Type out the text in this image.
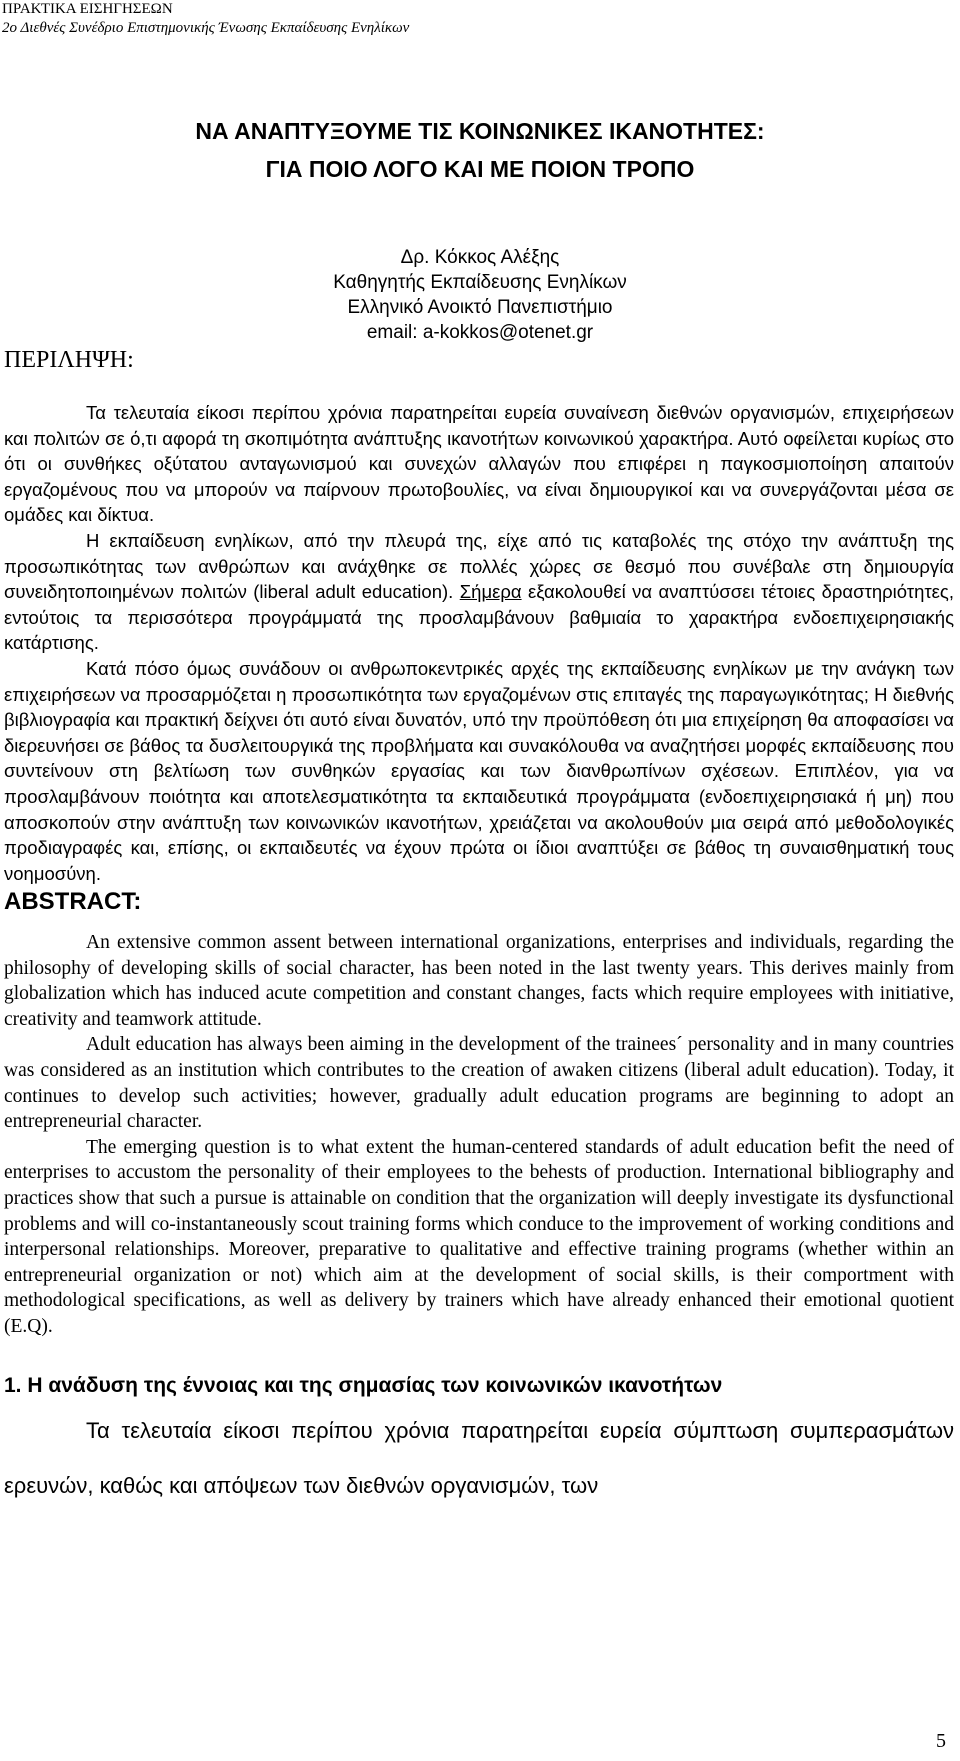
ΠΡΑΚΤΙΚΑ ΕΙΣΗΓΗΣΕΩΝ
2ο Διεθνές Συνέδριο Επιστημονικής Ένωσης Εκπαίδευσης Ενηλίκων
ΝΑ ΑΝΑΠΤΥΞΟΥΜΕ ΤΙΣ ΚΟΙΝΩΝΙΚΕΣ ΙΚΑΝΟΤΗΤΕΣ:
ΓΙΑ ΠΟΙΟ ΛΟΓΟ ΚΑΙ ΜΕ ΠΟΙΟΝ ΤΡΟΠΟ
Δρ. Κόκκος Αλέξης
Καθηγητής Εκπαίδευσης Ενηλίκων
Ελληνικό Ανοικτό Πανεπιστήμιο
email: a-kokkos@otenet.gr
ΠΕΡΙΛΗΨΗ:

Τα τελευταία είκοσι περίπου χρόνια παρατηρείται ευρεία συναίνεση διεθνών οργανισμών, επιχειρήσεων και πολιτών σε ό,τι αφορά τη σκοπιμότητα ανάπτυξης ικανοτήτων κοινωνικού χαρακτήρα. Αυτό οφείλεται κυρίως στο ότι οι συνθήκες οξύτατου ανταγωνισμού και συνεχών αλλαγών που επιφέρει η παγκοσμιοποίηση απαιτούν εργαζομένους που να μπορούν να παίρνουν πρωτοβουλίες, να είναι δημιουργικοί και να συνεργάζονται μέσα σε ομάδες και δίκτυα.

Η εκπαίδευση ενηλίκων, από την πλευρά της, είχε από τις καταβολές της στόχο την ανάπτυξη της προσωπικότητας των ανθρώπων και ανάχθηκε σε πολλές χώρες σε θεσμό που συνέβαλε στη δημιουργία συνειδητοποιημένων πολιτών (liberal adult education). Σήμερα εξακολουθεί να αναπτύσσει τέτοιες δραστηριότητες, εντούτοις τα περισσότερα προγράμματά της προσλαμβάνουν βαθμιαία το χαρακτήρα ενδοεπιχειρησιακής κατάρτισης.

Κατά πόσο όμως συνάδουν οι ανθρωποκεντρικές αρχές της εκπαίδευσης ενηλίκων με την ανάγκη των επιχειρήσεων να προσαρμόζεται η προσωπικότητα των εργαζομένων στις επιταγές της παραγωγικότητας; Η διεθνής βιβλιογραφία και πρακτική δείχνει ότι αυτό είναι δυνατόν, υπό την προϋπόθεση ότι μια επιχείρηση θα αποφασίσει να διερευνήσει σε βάθος τα δυσλειτουργικά της προβλήματα και συνακόλουθα να αναζητήσει μορφές εκπαίδευσης που συντείνουν στη βελτίωση των συνθηκών εργασίας και των διανθρωπίνων σχέσεων. Επιπλέον, για να προσλαμβάνουν ποιότητα και αποτελεσματικότητα τα εκπαιδευτικά προγράμματα (ενδοεπιχειρησιακά ή μη) που αποσκοπούν στην ανάπτυξη των κοινωνικών ικανοτήτων, χρειάζεται να ακολουθούν μια σειρά από μεθοδολογικές προδιαγραφές και, επίσης, οι εκπαιδευτές να έχουν πρώτα οι ίδιοι αναπτύξει σε βάθος τη συναισθηματική τους νοημοσύνη.

ABSTRACT:

An extensive common assent between international organizations, enterprises and individuals, regarding the philosophy of developing skills of social character, has been noted in the last twenty years. This derives mainly from globalization which has induced acute competition and constant changes, facts which require employees with initiative, creativity and teamwork attitude.

Adult education has always been aiming in the development of the trainees´ personality and in many countries was considered as an institution which contributes to the creation of awaken citizens (liberal adult education). Today, it continues to develop such activities; however, gradually adult education programs are beginning to adopt an entrepreneurial character.

The emerging question is to what extent the human-centered standards of adult education befit the need of enterprises to accustom the personality of their employees to the behests of production. International bibliography and practices show that such a pursue is attainable on condition that the organization will deeply investigate its dysfunctional problems and will co-instantaneously scout training forms which conduce to the improvement of working conditions and interpersonal relationships. Moreover, preparative to qualitative and effective training programs (whether within an entrepreneurial organization or not) which aim at the development of social skills, is their comportment with methodological specifications, as well as delivery by trainers which have already enhanced their emotional quotient (E.Q).

1. Η ανάδυση της έννοιας και της σημασίας των κοινωνικών ικανοτήτων

Τα τελευταία είκοσι περίπου χρόνια παρατηρείται ευρεία σύμπτωση συμπερασμάτων ερευνών, καθώς και απόψεων των διεθνών οργανισμών, των

5
